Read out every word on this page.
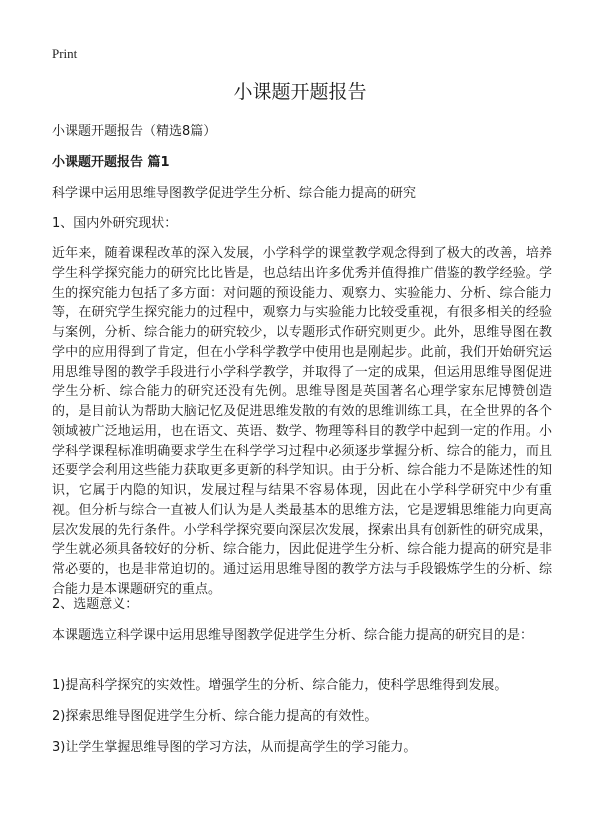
Print
小课题开题报告

小课题开题报告（精选8篇）

小课题开题报告 篇1

科学课中运用思维导图教学促进学生分析、综合能力提高的研究

1、国内外研究现状：

近年来，随着课程改革的深入发展，小学科学的课堂教学观念得到了极大的改善，培养学生科学探究能力的研究比比皆是，也总结出许多优秀并值得推广借鉴的教学经验。学生的探究能力包括了多方面：对问题的预设能力、观察力、实验能力、分析、综合能力等，在研究学生探究能力的过程中，观察力与实验能力比较受重视，有很多相关的经验与案例，分析、综合能力的研究较少，以专题形式作研究则更少。此外，思维导图在教学中的应用得到了肯定，但在小学科学教学中使用也是刚起步。此前，我们开始研究运用思维导图的教学手段进行小学科学教学，并取得了一定的成果，但运用思维导图促进学生分析、综合能力的研究还没有先例。思维导图是英国著名心理学家东尼博赞创造的，是目前认为帮助大脑记忆及促进思维发散的有效的思维训练工具，在全世界的各个领域被广泛地运用，也在语文、英语、数学、物理等科目的教学中起到一定的作用。小学科学课程标准明确要求学生在科学学习过程中必须逐步掌握分析、综合的能力，而且还要学会利用这些能力获取更多更新的科学知识。由于分析、综合能力不是陈述性的知识，它属于内隐的知识，发展过程与结果不容易体现，因此在小学科学研究中少有重视。但分析与综合一直被人们认为是人类最基本的思维方法，它是逻辑思维能力向更高层次发展的先行条件。小学科学探究要向深层次发展，探索出具有创新性的研究成果，学生就必须具备较好的分析、综合能力，因此促进学生分析、综合能力提高的研究是非常必要的，也是非常迫切的。通过运用思维导图的教学方法与手段锻炼学生的分析、综合能力是本课题研究的重点。

2、选题意义：

本课题选立科学课中运用思维导图教学促进学生分析、综合能力提高的研究目的是：

1)提高科学探究的实效性。增强学生的分析、综合能力，使科学思维得到发展。

2)探索思维导图促进学生分析、综合能力提高的有效性。

3)让学生掌握思维导图的学习方法，从而提高学生的学习能力。
